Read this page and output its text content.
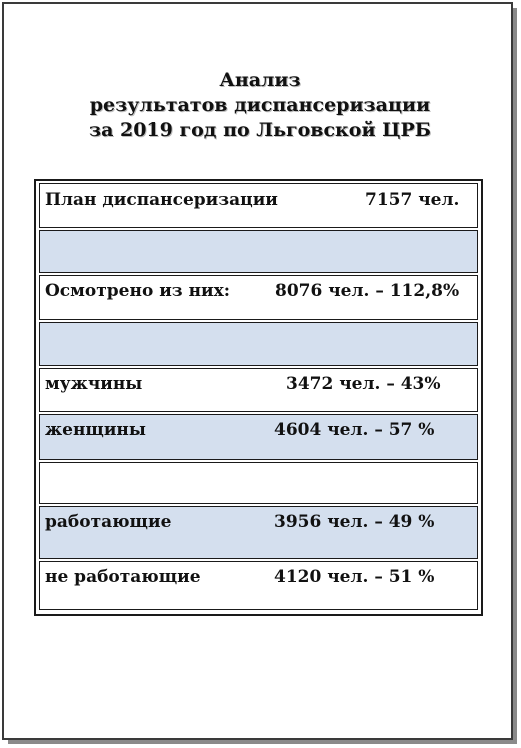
Анализ
результатов диспансеризации
за 2019 год по Льговской ЦРБ
План диспансеризации	7157 чел.
Осмотрено из них:	8076 чел. – 112,8%
мужчины	3472 чел. – 43%
женщины	4604 чел. – 57 %
работающие	3956 чел. – 49 %
не работающие	4120 чел. – 51 %
